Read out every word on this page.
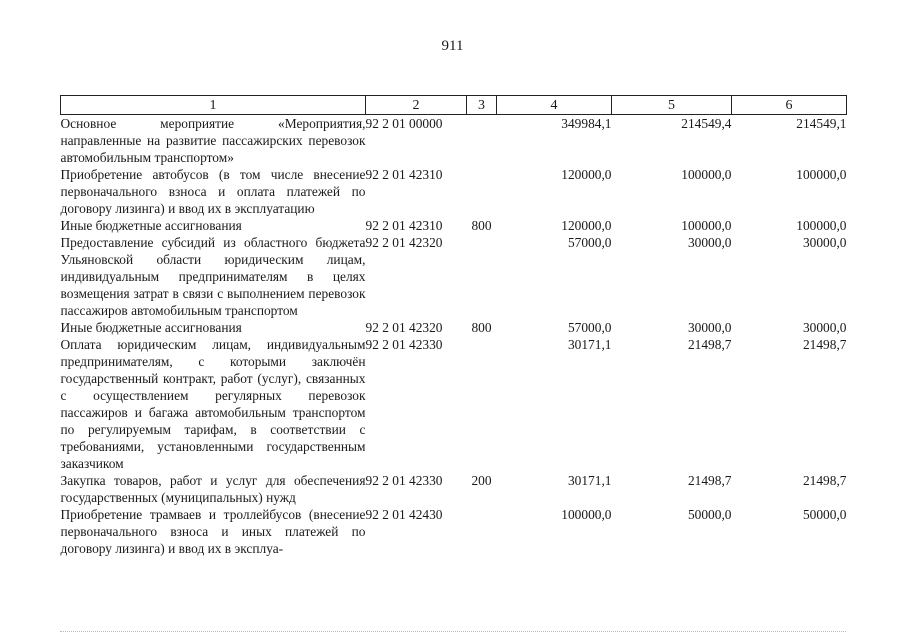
911
1	2	3	4	5	6
Основное мероприятие «Мероприятия, направленные на развитие пассажирских перевозок автомобильным транспортом»	92 2 01 00000		349984,1	214549,4	214549,1
Приобретение автобусов (в том числе внесение первоначального взноса и оплата платежей по договору лизинга) и ввод их в эксплуатацию	92 2 01 42310		120000,0	100000,0	100000,0
Иные бюджетные ассигнования	92 2 01 42310	800	120000,0	100000,0	100000,0
Предоставление субсидий из областного бюджета Ульяновской области юридическим лицам, индивидуальным предпринимателям в целях возмещения затрат в связи с выполнением перевозок пассажиров автомобильным транспортом	92 2 01 42320		57000,0	30000,0	30000,0
Иные бюджетные ассигнования	92 2 01 42320	800	57000,0	30000,0	30000,0
Оплата юридическим лицам, индивидуальным предпринимателям, с которыми заключён государственный контракт, работ (услуг), связанных с осуществлением регулярных перевозок пассажиров и багажа автомобильным транспортом по регулируемым тарифам, в соответствии с требованиями, установленными государственным заказчиком	92 2 01 42330		30171,1	21498,7	21498,7
Закупка товаров, работ и услуг для обеспечения государственных (муниципальных) нужд	92 2 01 42330	200	30171,1	21498,7	21498,7
Приобретение трамваев и троллейбусов (внесение первоначального взноса и иных платежей по договору лизинга) и ввод их в эксплуа-	92 2 01 42430		100000,0	50000,0	50000,0
